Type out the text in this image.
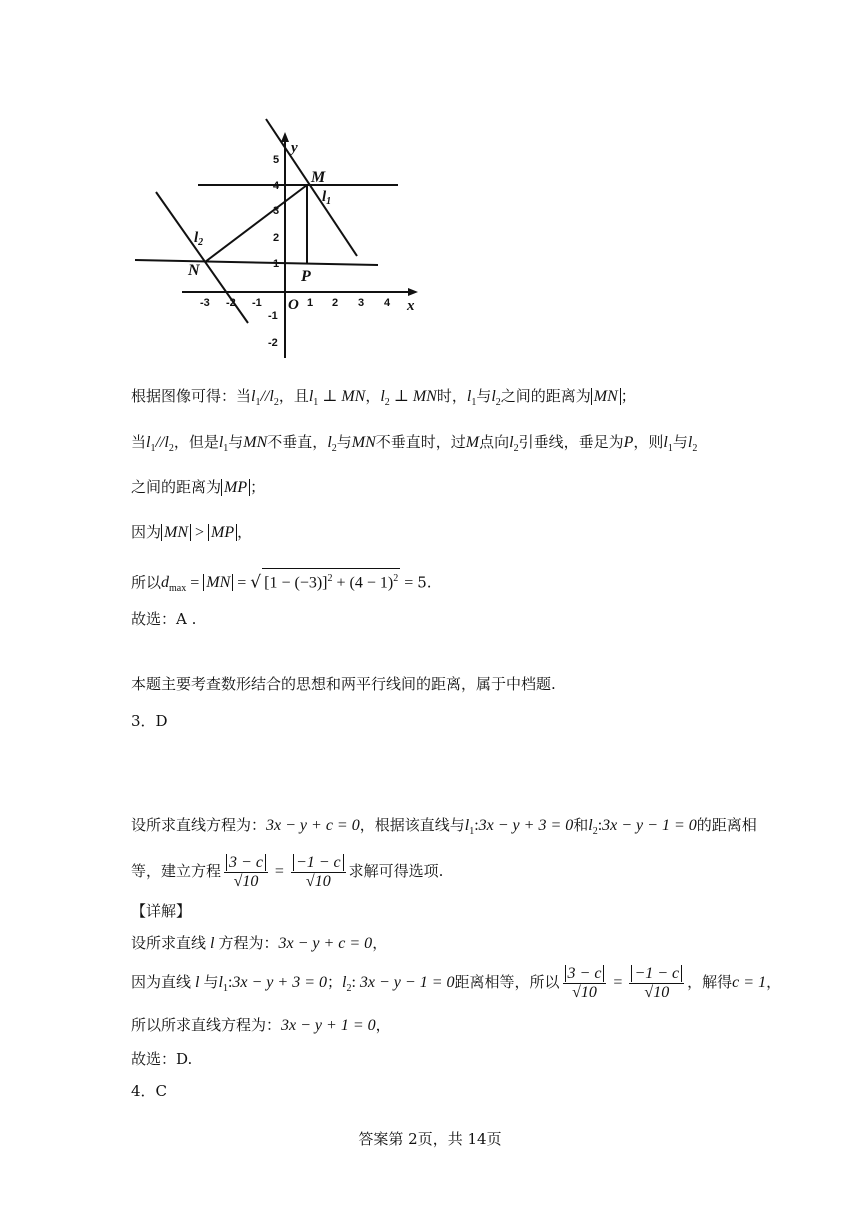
-3 -2 -1	1 2 3 4
-2
-1
1
2
3
4
5
x
y
O
M
N	P
$l_1$
$l_2$
根据图像可得：当$l_1//l_2$，且$l_1$ ⊥ MN，$l_2$ ⊥ MN时，$l_1$与$l_2$之间的距离为 MN ；
当$l_1//l_2$，但是$l_1$与MN不垂直，$l_2$与MN不垂直时，过M点向$l_2$引垂线，垂足为P，则$l_1$与$l_2$
之间的距离为 MP ；
因为 MN > MP ，
所以$d_{max}$ = MN = √ $[1 - (-3)]^2 + (4 - 1)^2 = 5$.
故选：A .
本题主要考查数形结合的思想和两平行线间的距离，属于中档题.
3．D
设所求直线方程为：3x − y + c = 0，根据该直线与$l_1:3x - y + 3 = 0$和$l_2:3x - y - 1 = 0$的距离相
等，建立方程 $\frac{3 - c}{√10} = \frac{-1 - c}{√10}$ 求解可得选项.
【详解】
设所求直线 l 方程为：3x − y + c = 0，
因为直线 l 与$l_1:3x - y + 3 = 0$；$l_2$: 3x − y − 1 = 0距离相等，所以 $\frac{3 - c}{√10} = \frac{-1 - c}{√10}$ ，解得c = 1，
所以所求直线方程为：3x − y + 1 = 0，
故选：D.
4．C
答案第 2页，共 14页
